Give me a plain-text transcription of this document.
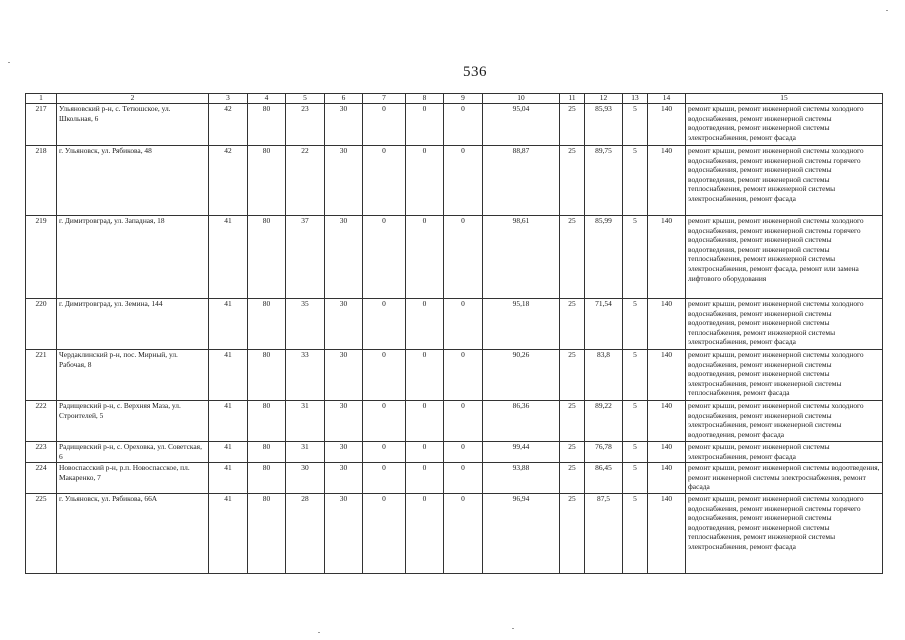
536
1	2	3	4	5	6	7	8	9	10	11	12	13	14	15
217	Ульяновский р-н, с. Тетюшское, ул. Школьная, 6	42	80	23	30	0	0	0	95,04	25	85,93	5	140	ремонт крыши, ремонт инженерной системы холодного водоснабжения, ремонт инженерной системы водоотведения, ремонт инженерной системы электроснабжения, ремонт фасада
218	г. Ульяновск, ул. Рябикова, 48	42	80	22	30	0	0	0	88,87	25	89,75	5	140	ремонт крыши, ремонт инженерной системы холодного водоснабжения, ремонт инженерной системы горячего водоснабжения, ремонт инженерной системы водоотведения, ремонт инженерной системы теплоснабжения, ремонт инженерной системы электроснабжения, ремонт фасада
219	г. Димитровград, ул. Западная, 18	41	80	37	30	0	0	0	98,61	25	85,99	5	140	ремонт крыши, ремонт инженерной системы холодного водоснабжения, ремонт инженерной системы горячего водоснабжения, ремонт инженерной системы водоотведения, ремонт инженерной системы теплоснабжения, ремонт инженерной системы электроснабжения, ремонт фасада, ремонт или замена лифтового оборудования
220	г. Димитровград, ул. Земина, 144	41	80	35	30	0	0	0	95,18	25	71,54	5	140	ремонт крыши, ремонт инженерной системы холодного водоснабжения, ремонт инженерной системы водоотведения, ремонт инженерной системы теплоснабжения, ремонт инженерной системы электроснабжения, ремонт фасада
221	Чердаклинский р-н, пос. Мирный, ул. Рабочая, 8	41	80	33	30	0	0	0	90,26	25	83,8	5	140	ремонт крыши, ремонт инженерной системы холодного водоснабжения, ремонт инженерной системы водоотведения, ремонт инженерной системы электроснабжения, ремонт инженерной системы теплоснабжения, ремонт фасада
222	Радищевский р-н, с. Верхняя Маза, ул. Строителей, 5	41	80	31	30	0	0	0	86,36	25	89,22	5	140	ремонт крыши, ремонт инженерной системы холодного водоснабжения, ремонт инженерной системы электроснабжения, ремонт инженерной системы водоотведения, ремонт фасада
223	Радищевский р-н, с. Ореховка, ул. Советская, 6	41	80	31	30	0	0	0	99,44	25	76,78	5	140	ремонт крыши, ремонт инженерной системы электроснабжения, ремонт фасада
224	Новоспасский р-н, р.п. Новоспасское, пл. Макаренко, 7	41	80	30	30	0	0	0	93,88	25	86,45	5	140	ремонт крыши, ремонт инженерной системы водоотведения, ремонт инженерной системы электроснабжения, ремонт фасада
225	г. Ульяновск, ул. Рябикова, 66А	41	80	28	30	0	0	0	96,94	25	87,5	5	140	ремонт крыши, ремонт инженерной системы холодного водоснабжения, ремонт инженерной системы горячего водоснабжения, ремонт инженерной системы водоотведения, ремонт инженерной системы теплоснабжения, ремонт инженерной системы электроснабжения, ремонт фасада
